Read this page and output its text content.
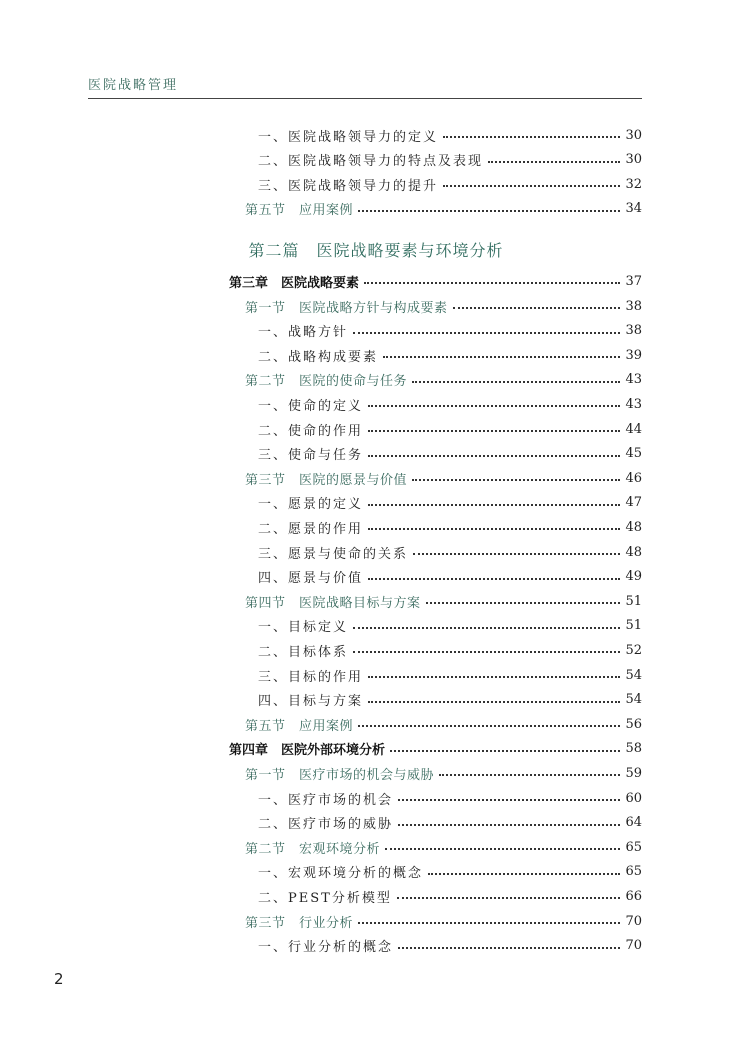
医院战略管理
一、医院战略领导力的定义	30
二、医院战略领导力的特点及表现	30
三、医院战略领导力的提升	32
第五节　应用案例	34
第二篇　医院战略要素与环境分析
第三章　医院战略要素	37
第一节　医院战略方针与构成要素	38
一、战略方针	38
二、战略构成要素	39
第二节　医院的使命与任务	43
一、使命的定义	43
二、使命的作用	44
三、使命与任务	45
第三节　医院的愿景与价值	46
一、愿景的定义	47
二、愿景的作用	48
三、愿景与使命的关系	48
四、愿景与价值	49
第四节　医院战略目标与方案	51
一、目标定义	51
二、目标体系	52
三、目标的作用	54
四、目标与方案	54
第五节　应用案例	56
第四章　医院外部环境分析	58
第一节　医疗市场的机会与威胁	59
一、医疗市场的机会	60
二、医疗市场的威胁	64
第二节　宏观环境分析	65
一、宏观环境分析的概念	65
二、PEST分析模型	66
第三节　行业分析	70
一、行业分析的概念	70
2
